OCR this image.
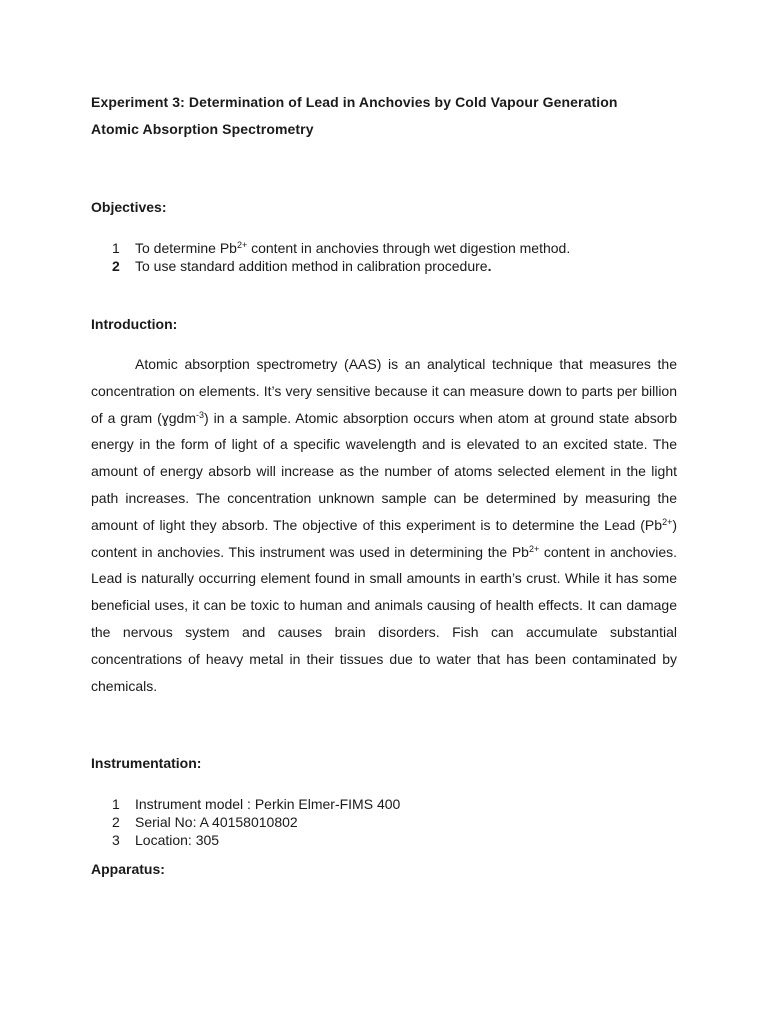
Experiment 3: Determination of Lead in Anchovies by Cold Vapour Generation
Atomic Absorption Spectrometry
Objectives:
1	To determine $Pb^{2+}$ content in anchovies through wet digestion method.
2	To use standard addition method in calibration procedure.
Introduction:

Atomic absorption spectrometry (AAS) is an analytical technique that measures the concentration on elements. It’s very sensitive because it can measure down to parts per billion of a gram (ɣgdm$^{-3}$) in a sample. Atomic absorption occurs when atom at ground state absorb energy in the form of light of a specific wavelength and is elevated to an excited state. The amount of energy absorb will increase as the number of atoms selected element in the light path increases. The concentration unknown sample can be determined by measuring the amount of light they absorb. The objective of this experiment is to determine the Lead $(Pb^{2+})$ content in anchovies. This instrument was used in determining the $Pb^{2+}$ content in anchovies. Lead is naturally occurring element found in small amounts in earth’s crust. While it has some beneficial uses, it can be toxic to human and animals causing of health effects. It can damage the nervous system and causes brain disorders. Fish can accumulate substantial concentrations of heavy metal in their tissues due to water that has been contaminated by chemicals.

Instrumentation:
1	Instrument model : Perkin Elmer-FIMS 400
2	Serial No: A 40158010802
3	Location: 305
Apparatus:
